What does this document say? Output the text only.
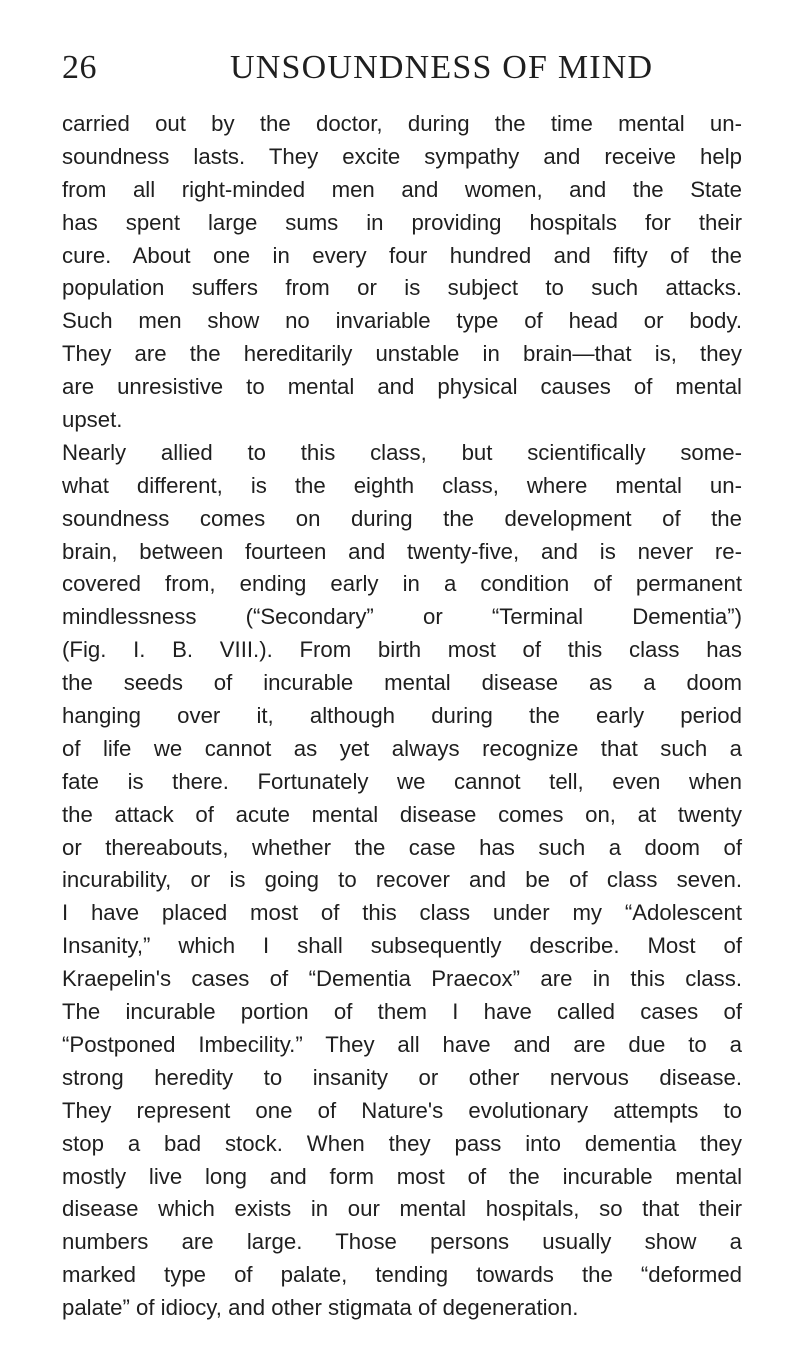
26	UNSOUNDNESS OF MIND
carried out by the doctor, during the time mental un-
soundness lasts. They excite sympathy and receive help
from all right-minded men and women, and the State
has spent large sums in providing hospitals for their
cure. About one in every four hundred and fifty of the
population suffers from or is subject to such attacks.
Such men show no invariable type of head or body.
They are the hereditarily unstable in brain—that is, they
are unresistive to mental and physical causes of mental
upset.
Nearly allied to this class, but scientifically some-
what different, is the eighth class, where mental un-
soundness comes on during the development of the
brain, between fourteen and twenty-five, and is never re-
covered from, ending early in a condition of permanent
mindlessness (“Secondary” or “Terminal Dementia”)
(Fig. I. B. VIII.). From birth most of this class has
the seeds of incurable mental disease as a doom
hanging over it, although during the early period
of life we cannot as yet always recognize that such a
fate is there. Fortunately we cannot tell, even when
the attack of acute mental disease comes on, at twenty
or thereabouts, whether the case has such a doom of
incurability, or is going to recover and be of class seven.
I have placed most of this class under my “Adolescent
Insanity,” which I shall subsequently describe. Most of
Kraepelin's cases of “Dementia Praecox” are in this class.
The incurable portion of them I have called cases of
“Postponed Imbecility.” They all have and are due to a
strong heredity to insanity or other nervous disease.
They represent one of Nature's evolutionary attempts to
stop a bad stock. When they pass into dementia they
mostly live long and form most of the incurable mental
disease which exists in our mental hospitals, so that their
numbers are large. Those persons usually show a
marked type of palate, tending towards the “deformed
palate” of idiocy, and other stigmata of degeneration.
